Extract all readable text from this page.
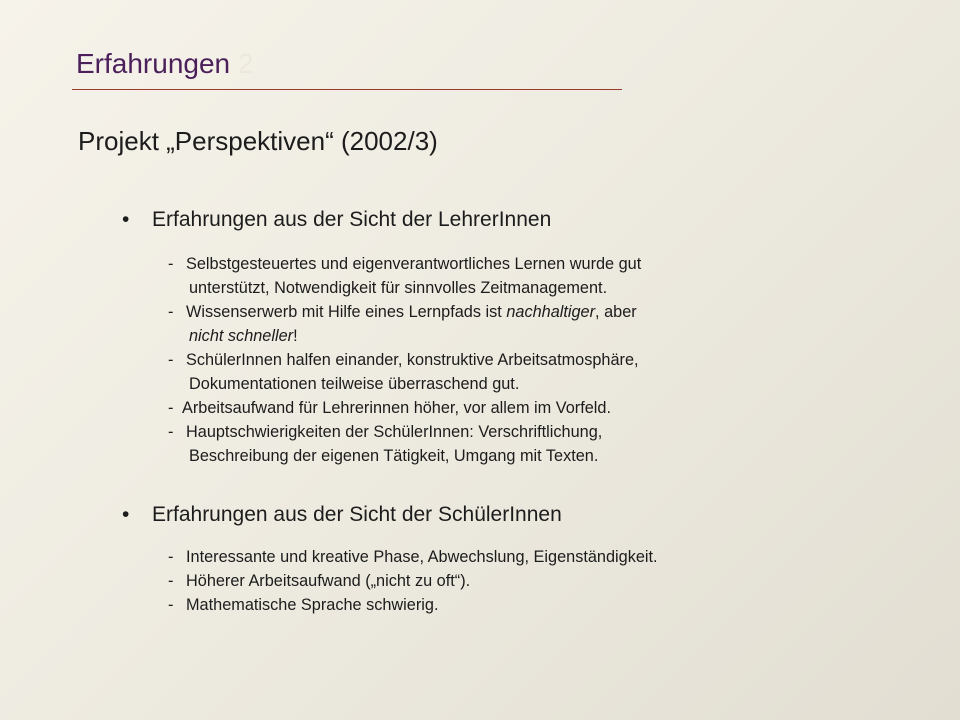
Erfahrungen 2
Projekt „Perspektiven“ (2002/3)
• Erfahrungen aus der Sicht der LehrerInnen
- Selbstgesteuertes und eigenverantwortliches Lernen wurde gut
unterstützt, Notwendigkeit für sinnvolles Zeitmanagement.
- Wissenserwerb mit Hilfe eines Lernpfads ist nachhaltiger, aber
nicht schneller!
- SchülerInnen halfen einander, konstruktive Arbeitsatmosphäre,
Dokumentationen teilweise überraschend gut.
- Arbeitsaufwand für Lehrerinnen höher, vor allem im Vorfeld.
- Hauptschwierigkeiten der SchülerInnen: Verschriftlichung,
Beschreibung der eigenen Tätigkeit, Umgang mit Texten.
• Erfahrungen aus der Sicht der SchülerInnen
- Interessante und kreative Phase, Abwechslung, Eigenständigkeit.
- Höherer Arbeitsaufwand („nicht zu oft“).
- Mathematische Sprache schwierig.
